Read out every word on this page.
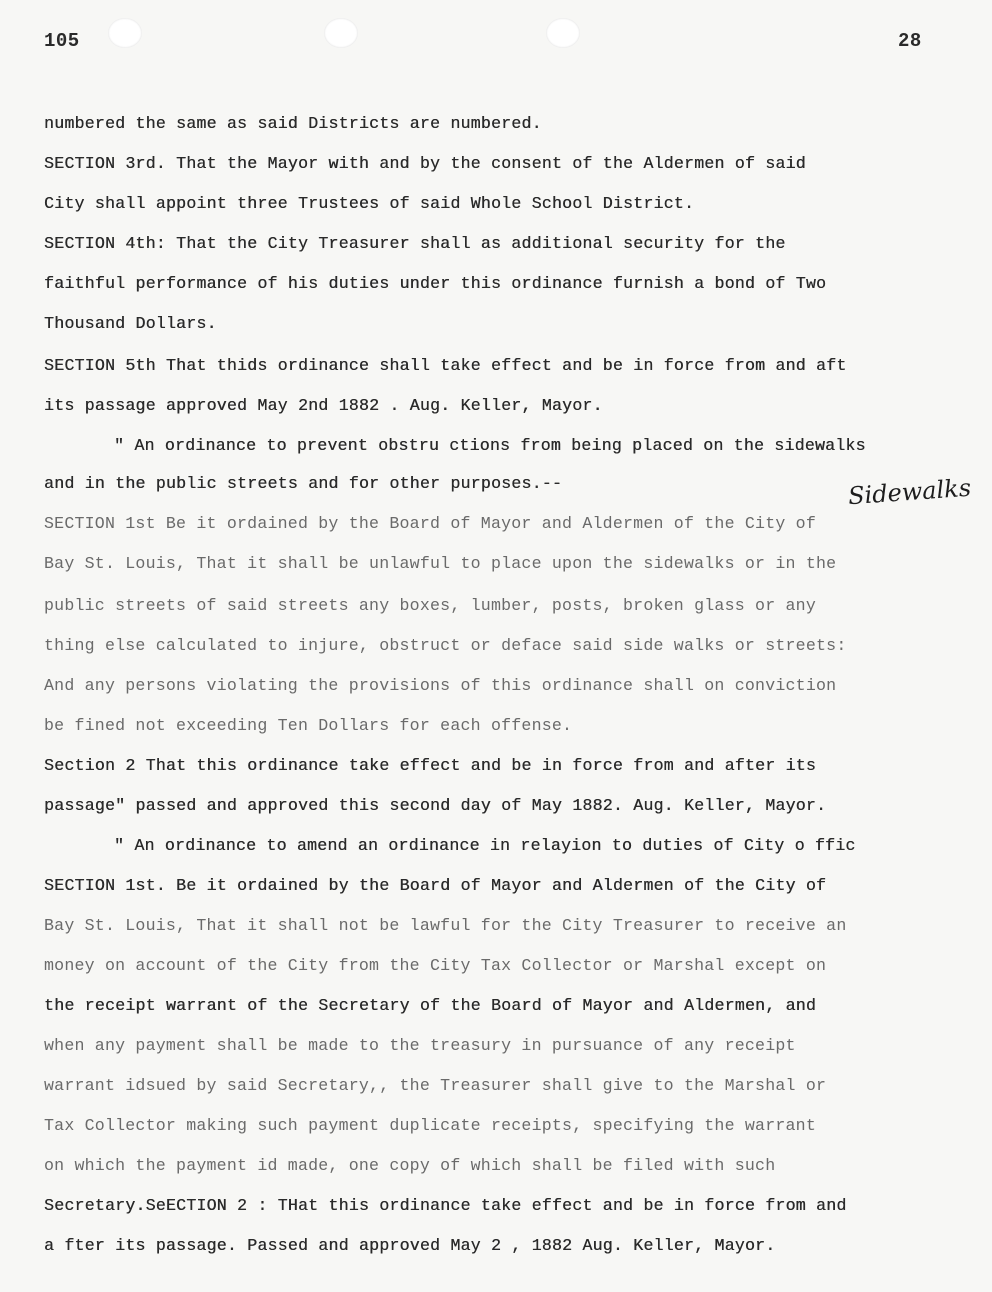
105	28
numbered the same as said Districts are numbered.
SECTION 3rd. That the Mayor with and by the consent of the Aldermen of said
City shall appoint three Trustees of said Whole School District.
SECTION 4th: That the City Treasurer shall as additional security for the
faithful performance of his duties under this ordinance furnish a bond of Two
Thousand Dollars.
SECTION 5th That thids ordinance shall take effect and be in force from and aft
its passage approved May 2nd 1882 . Aug. Keller, Mayor.
" An ordinance to prevent obstru ctions from being placed on the sidewalks
and in the public streets and for other purposes.--	Sidewalks
SECTION 1st Be it ordained by the Board of Mayor and Aldermen of the City of
Bay St. Louis, That it shall be unlawful to place upon the sidewalks or in the
public streets of said streets any boxes, lumber, posts, broken glass or any
thing else calculated to injure, obstruct or deface said side walks or streets:
And any persons violating the provisions of this ordinance shall on conviction
be fined not exceeding Ten Dollars for each offense.
Section 2 That this ordinance take effect and be in force from and after its
passage" passed and approved this second day of May 1882. Aug. Keller, Mayor.
" An ordinance to amend an ordinance in relayion to duties of City o ffic
SECTION 1st. Be it ordained by the Board of Mayor and Aldermen of the City of
Bay St. Louis, That it shall not be lawful for the City Treasurer to receive an
money on account of the City from the City Tax Collector or Marshal except on
the receipt warrant of the Secretary of the Board of Mayor and Aldermen, and
when any payment shall be made to the treasury in pursuance of any receipt
warrant idsued by said Secretary,, the Treasurer shall give to the Marshal or
Tax Collector making such payment duplicate receipts, specifying the warrant
on which the payment id made, one copy of which shall be filed with such
Secretary.SeECTION 2 : THat this ordinance take effect and be in force from and
a fter its passage. Passed and approved May 2 , 1882 Aug. Keller, Mayor.
